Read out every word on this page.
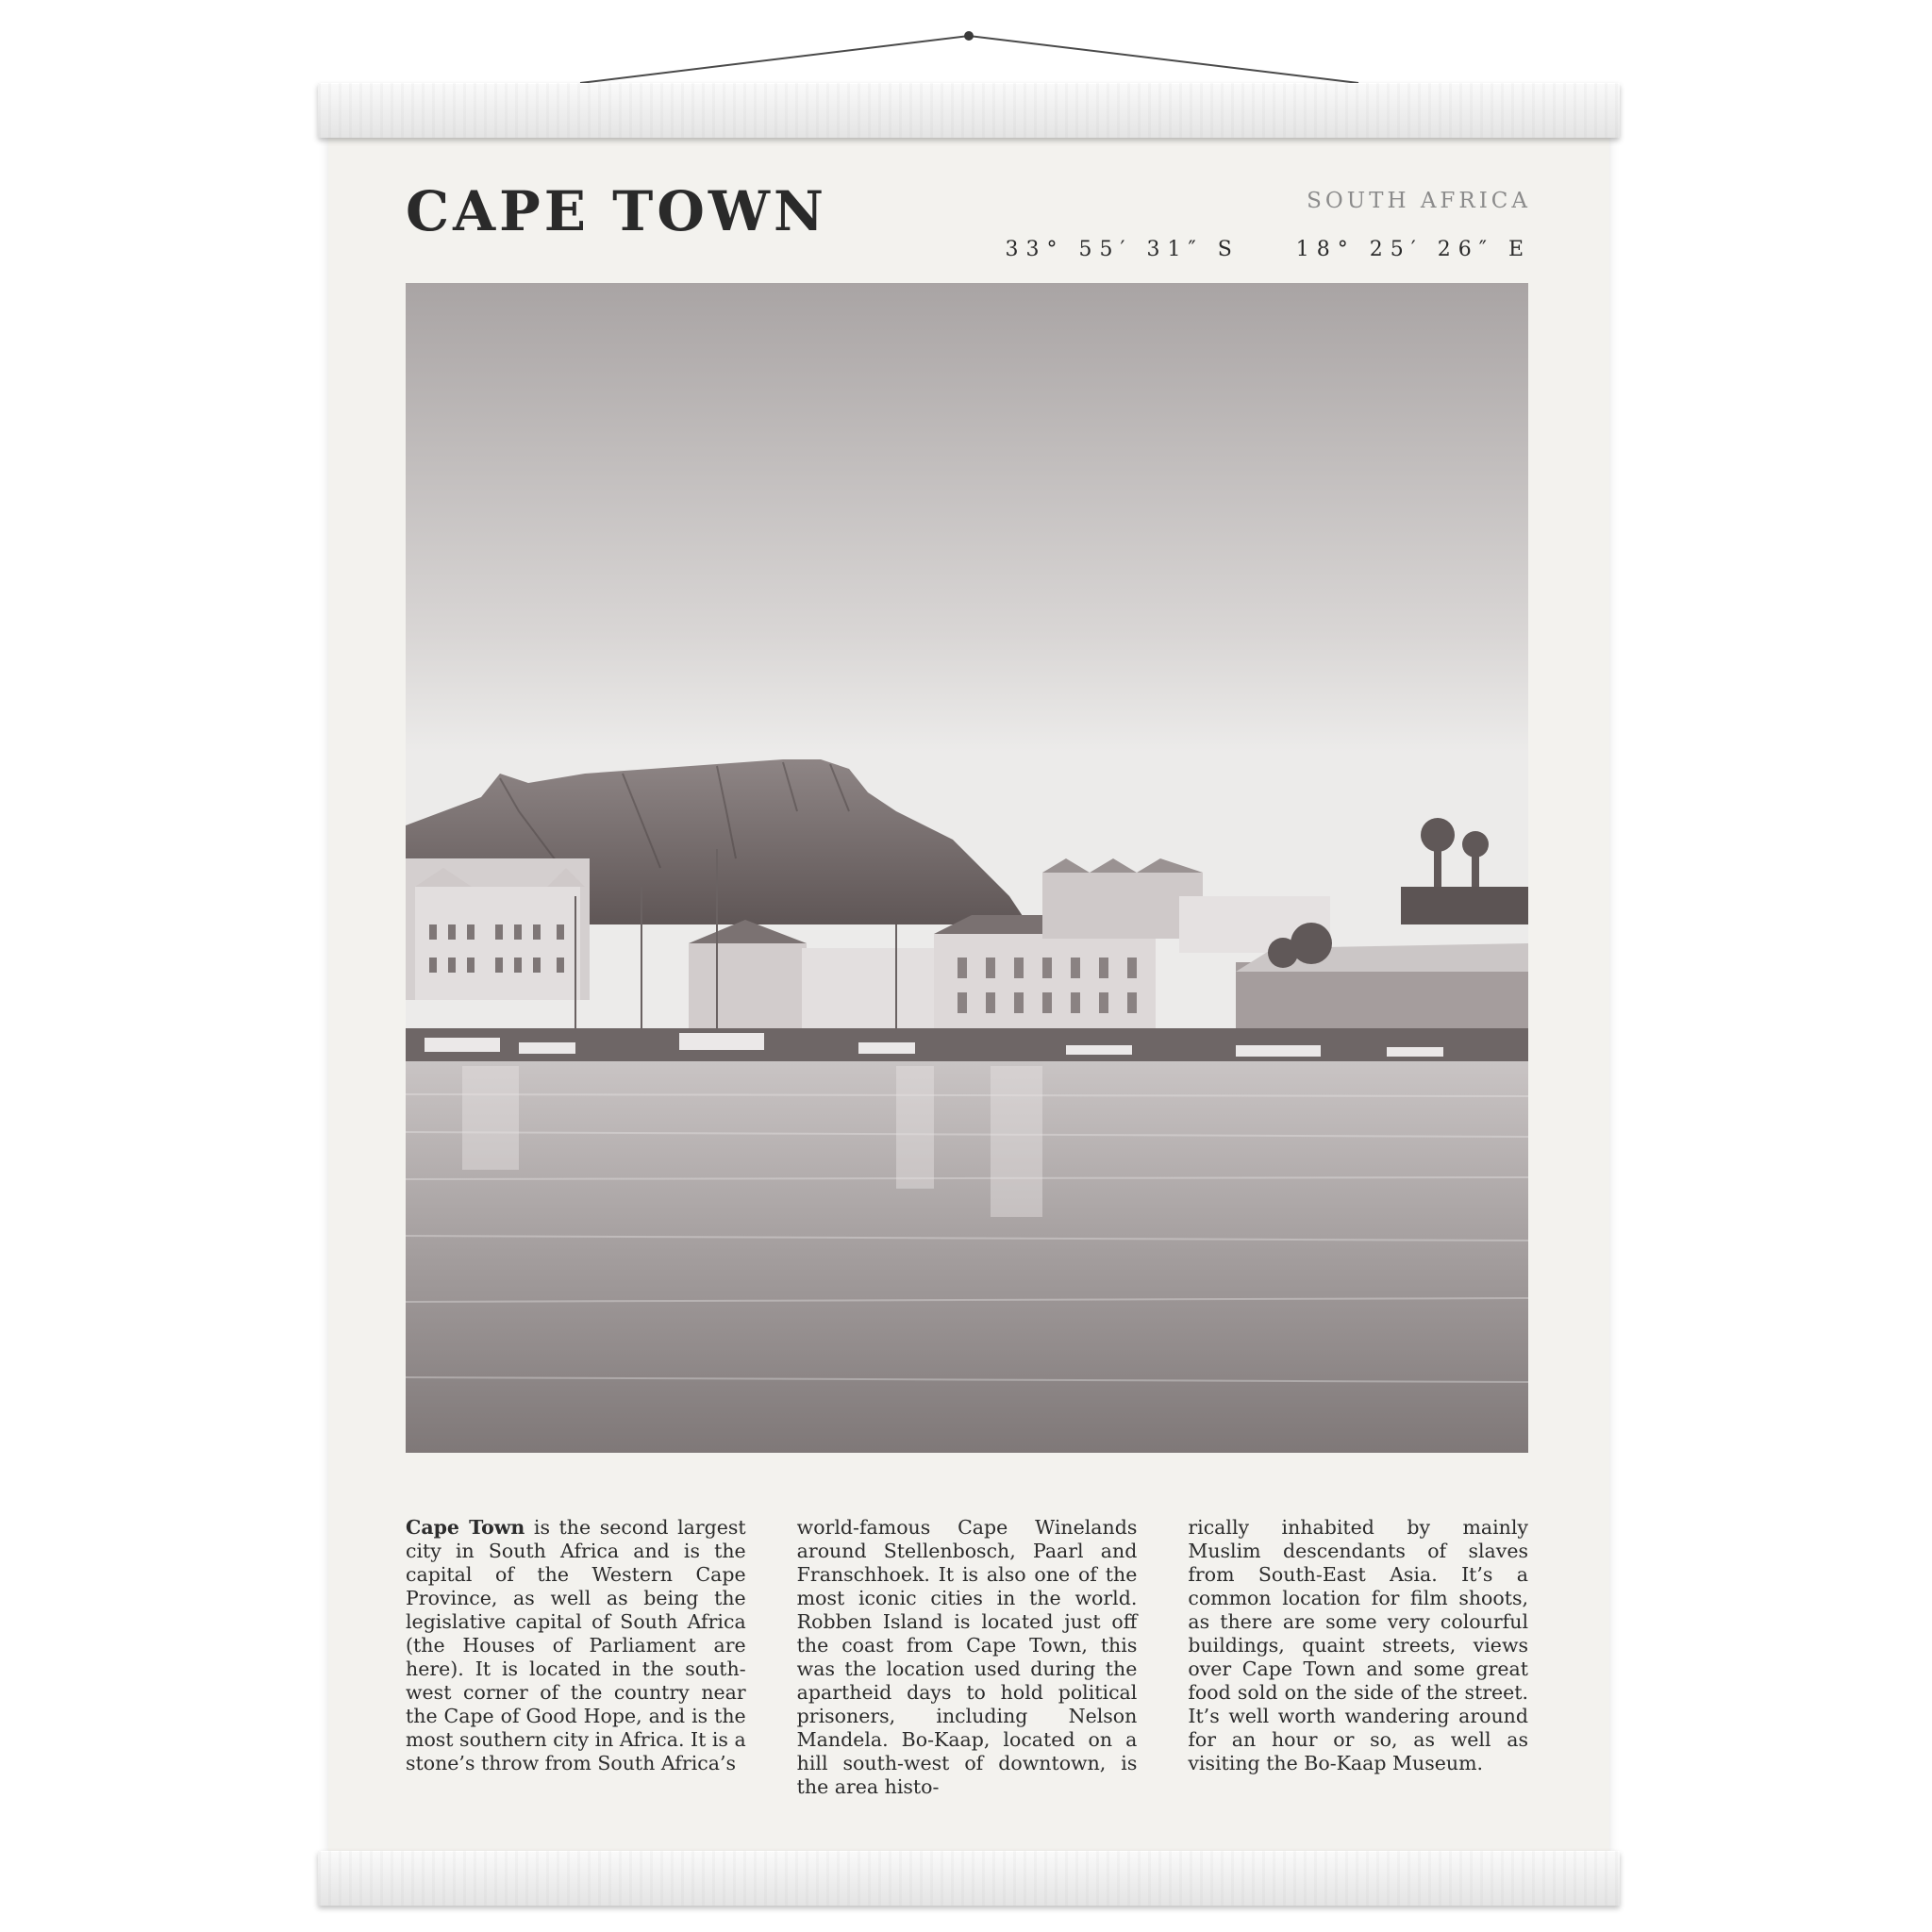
CAPE TOWN	SOUTH AFRICA
33° 55′ 31″ S	18° 25′ 26″ E

Cape Town is the second largest city in South Africa and is the capital of the Western Cape Province, as well as being the legislative capital of South Africa (the Houses of Parliament are here). It is located in the south-west corner of the country near the Cape of Good Hope, and is the most southern city in Africa. It is a stone’s throw from South Africa’s

world-famous Cape Winelands around Stellenbosch, Paarl and Franschhoek. It is also one of the most iconic cities in the world. Robben Island is located just off the coast from Cape Town, this was the location used during the apartheid days to hold political prisoners, including Nelson Mandela. Bo-Kaap, located on a hill south-west of downtown, is the area histo-

rically inhabited by mainly Muslim descendants of slaves from South-East Asia. It’s a common location for film shoots, as there are some very colourful buildings, quaint streets, views over Cape Town and some great food sold on the side of the street. It’s well worth wandering around for an hour or so, as well as visiting the Bo-Kaap Museum.
